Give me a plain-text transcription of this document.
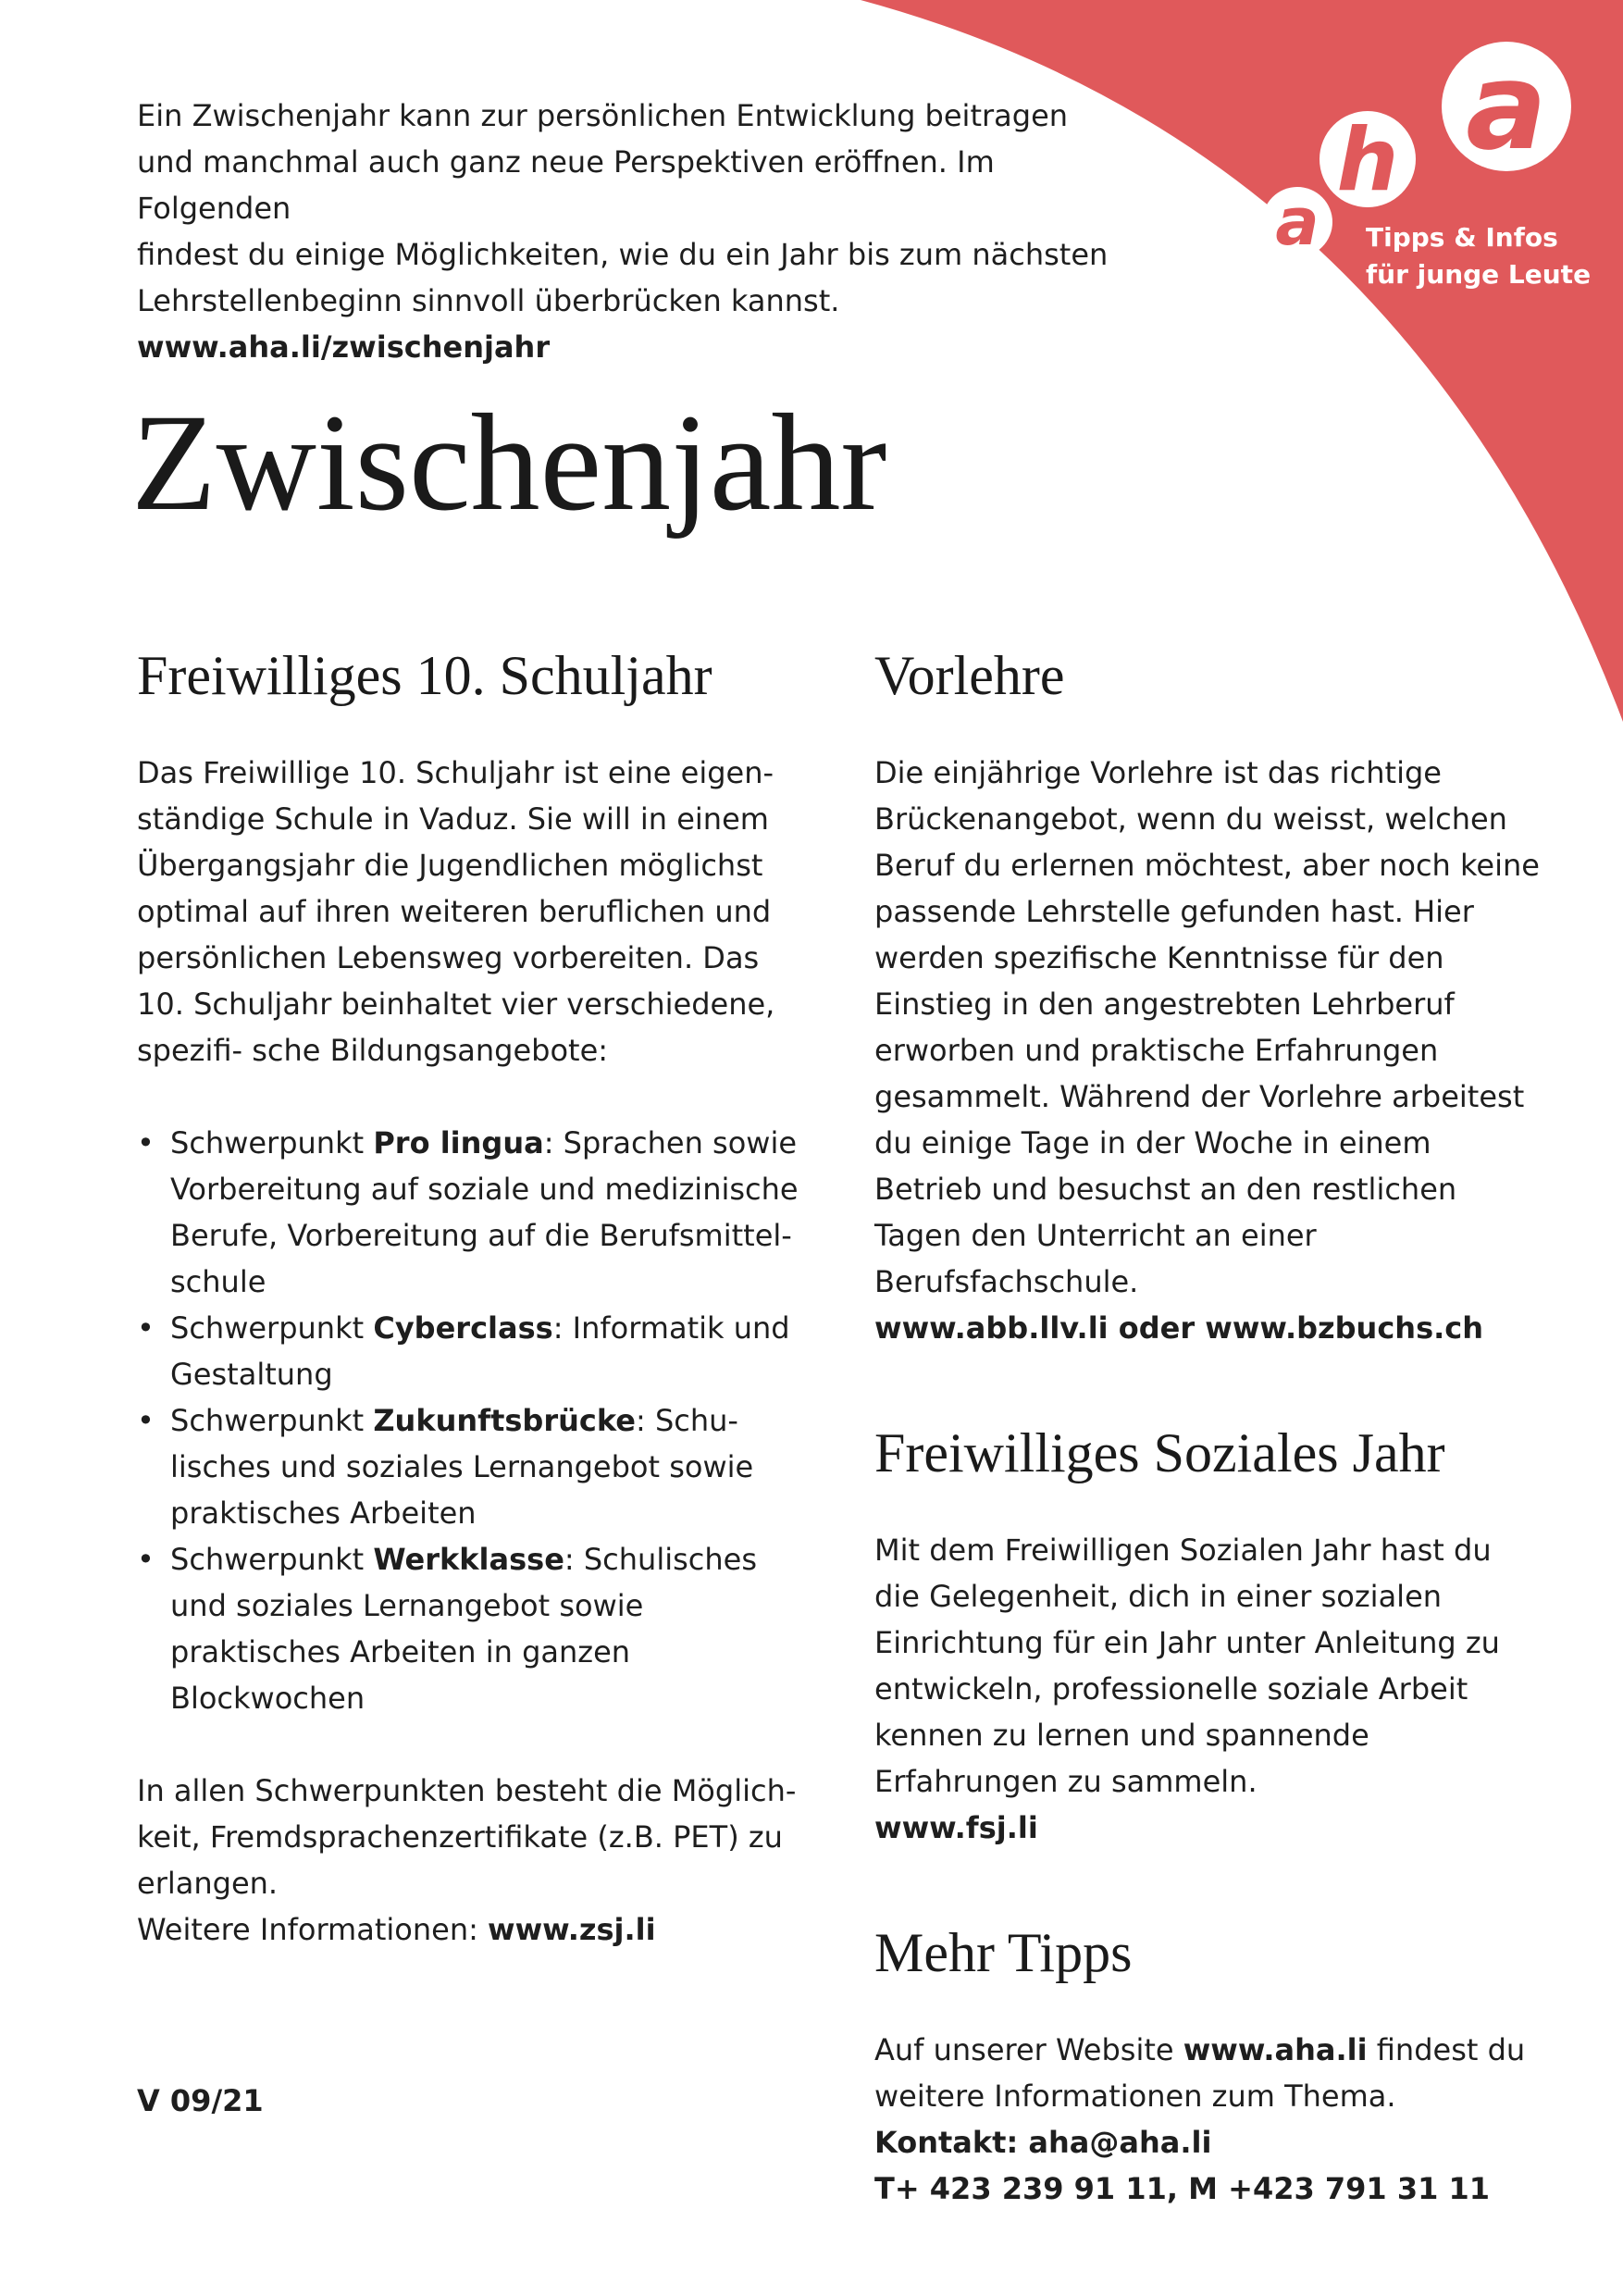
a
h
a Tipps & Infos
für junge Leute

Ein Zwischenjahr kann zur persönlichen Entwicklung beitragen

und manchmal auch ganz neue Perspektiven eröffnen. Im Folgenden

findest du einige Möglichkeiten, wie du ein Jahr bis zum nächsten

Lehrstellenbeginn sinnvoll überbrücken kannst.

www.aha.li/zwischenjahr

Zwischenjahr
Freiwilliges 10. Schuljahr

Das Freiwillige 10. Schuljahr ist eine eigen- ständige Schule in Vaduz. Sie will in einem Übergangsjahr die Jugendlichen möglichst optimal auf ihren weiteren beruflichen und persönlichen Lebensweg vorbereiten. Das 10. Schuljahr beinhaltet vier verschiedene, spezifi- sche Bildungsangebote:

• Schwerpunkt Pro lingua: Sprachen sowie Vorbereitung auf soziale und medizinische Berufe, Vorbereitung auf die Berufsmittel- schule
• Schwerpunkt Cyberclass: Informatik und Gestaltung
• Schwerpunkt Zukunftsbrücke: Schu- lisches und soziales Lernangebot sowie praktisches Arbeiten
• Schwerpunkt Werkklasse: Schulisches und soziales Lernangebot sowie praktisches Arbeiten in ganzen Blockwochen

In allen Schwerpunkten besteht die Möglich- keit, Fremdsprachenzertifikate (z.B. PET) zu erlangen.

Weitere Informationen: www.zsj.li

Vorlehre

Die einjährige Vorlehre ist das richtige Brückenangebot, wenn du weisst, welchen Beruf du erlernen möchtest, aber noch keine passende Lehrstelle gefunden hast. Hier werden spezifische Kenntnisse für den Einstieg in den angestrebten Lehrberuf erworben und praktische Erfahrungen gesammelt. Während der Vorlehre arbeitest du einige Tage in der Woche in einem Betrieb und besuchst an den restlichen Tagen den Unterricht an einer Berufsfachschule.

www.abb.llv.li oder www.bzbuchs.ch

Freiwilliges Soziales Jahr

Mit dem Freiwilligen Sozialen Jahr hast du die Gelegenheit, dich in einer sozialen Einrichtung für ein Jahr unter Anleitung zu entwickeln, professionelle soziale Arbeit kennen zu lernen und spannende Erfahrungen zu sammeln.

www.fsj.li

Mehr Tipps

Auf unserer Website www.aha.li findest du weitere Informationen zum Thema.

Kontakt: aha@aha.li

T+ 423 239 91 11, M +423 791 31 11

V 09/21
